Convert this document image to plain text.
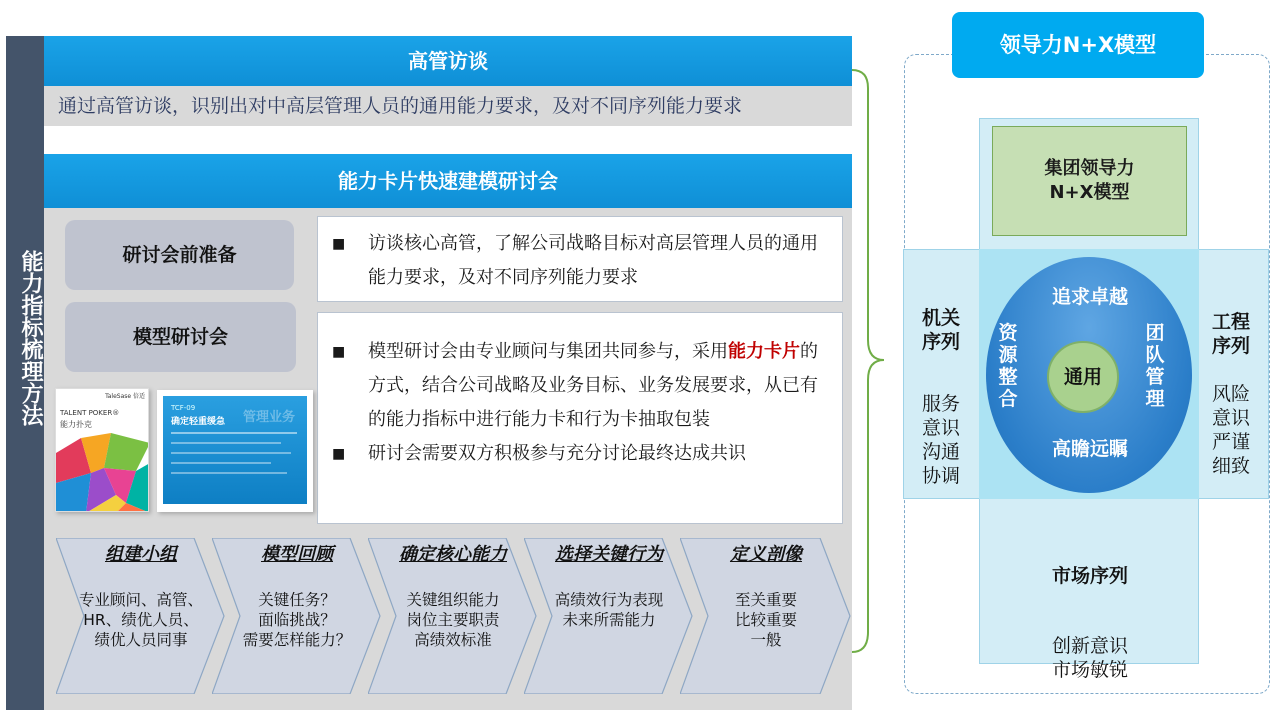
能力指标梳理方法
高管访谈
通过高管访谈，识别出对中高层管理人员的通用能力要求，及对不同序列能力要求
能力卡片快速建模研讨会
研讨会前准备
模型研讨会
■	访谈核心高管，了解公司战略目标对高层管理人员的通用能力要求，及对不同序列能力要求
■	模型研讨会由专业顾问与集团共同参与，采用能力卡片的方式，结合公司战略及业务目标、业务发展要求，从已有的能力指标中进行能力卡和行为卡抽取包装
■	研讨会需要双方积极参与充分讨论最终达成共识
TaleSase 倍适
TALENT POKER®
能力扑克
TCF-09
确定轻重缓急 管理业务
组建小组
专业顾问、高管、
HR、绩优人员、
绩优人员同事
模型回顾
关键任务？
面临挑战？
需要怎样能力？
确定核心能力
关键组织能力
岗位主要职责
高绩效标准
选择关键行为
高绩效行为表现
未来所需能力
定义剖像
至关重要
比较重要
一般
领导力N+X模型
集团领导力
N+X模型
追求卓越
高瞻远瞩
资源整合
团队管理
通用

机关
序列

服务
意识
沟通
协调

工程
序列

风险
意识
严谨
细致

市场序列

创新意识
市场敏锐
